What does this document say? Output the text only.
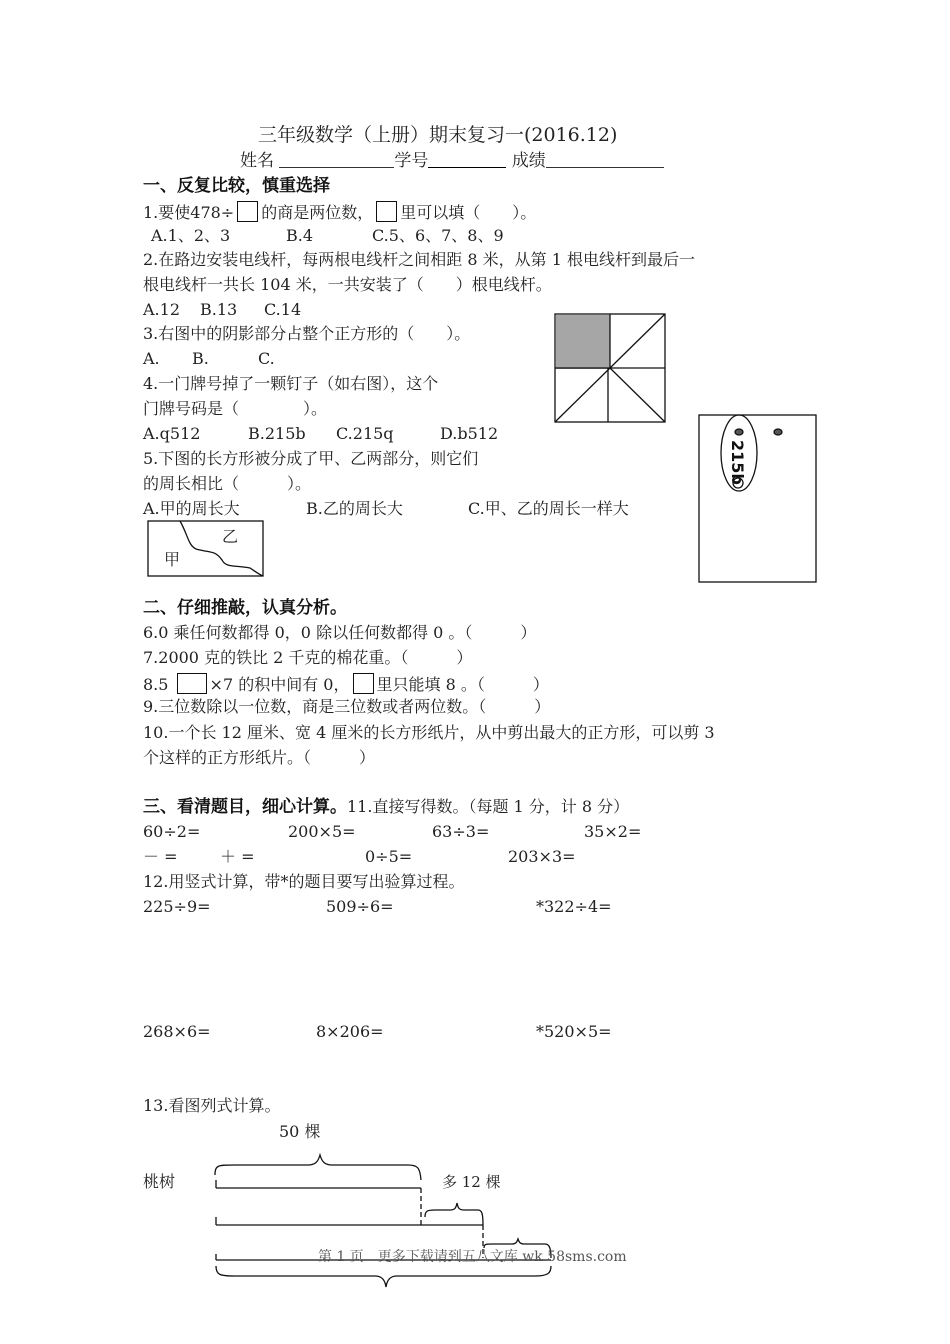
215b
三年级数学（上册）期末复习一(2016.12)
姓名	学号	成绩
一、反复比较，慎重选择
1.要使478÷ 的商是两位数， 里可以填（　　）。
A.1、2、3	B.4	C.5、6、7、8、9
2.在路边安装电线杆，每两根电线杆之间相距 8 米，从第 1 根电线杆到最后一
根电线杆一共长 104 米，一共安装了（　　）根电线杆。
A.12 B.13 C.14
3.右图中的阴影部分占整个正方形的（　　）。
A. B.	C.
4.一门牌号掉了一颗钉子（如右图），这个
门牌号码是（　　　　）。
A.q512	B.215b C.215q	D.b512
5.下图的长方形被分成了甲、乙两部分，则它们
的周长相比（　　　）。
A.甲的周长大	B.乙的周长大	C.甲、乙的周长一样大
甲
乙
二、仔细推敲，认真分析。
6.0 乘任何数都得 0，0 除以任何数都得 0 。（　　　）
7.2000 克的铁比 2 千克的棉花重。（　　　）
8.5	×7 的积中间有 0， 里只能填 8 。（　　　）
9.三位数除以一位数，商是三位数或者两位数。（　　　）
10.一个长 12 厘米、宽 4 厘米的长方形纸片，从中剪出最大的正方形，可以剪 3
个这样的正方形纸片。（　　　）
三、看清题目，细心计算。11.直接写得数。（每题 1 分，计 8 分）
60÷2=	200×5=	63÷3=	35×2=
－ =	＋ =	0÷5=	203×3=
12.用竖式计算，带*的题目要写出验算过程。
225÷9=	509÷6=	*322÷4=
268×6=	8×206=	*520×5=
13.看图列式计算。
50 棵
桃树	多 12 棵
第 1 页　更多下载请到五八文库 wk.58sms.com
